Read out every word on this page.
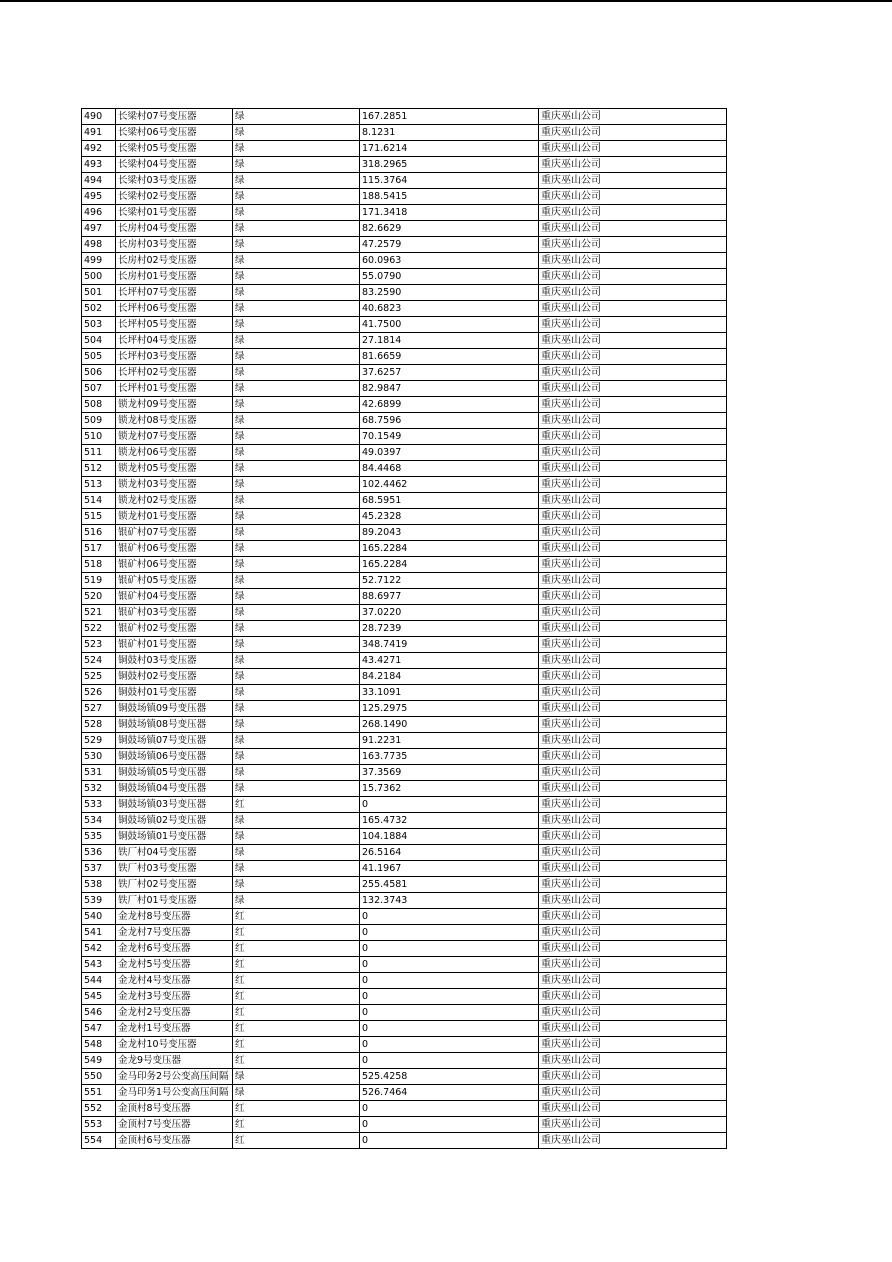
490	长梁村07号变压器	绿	167.2851	重庆巫山公司
491	长梁村06号变压器	绿	8.1231	重庆巫山公司
492	长梁村05号变压器	绿	171.6214	重庆巫山公司
493	长梁村04号变压器	绿	318.2965	重庆巫山公司
494	长梁村03号变压器	绿	115.3764	重庆巫山公司
495	长梁村02号变压器	绿	188.5415	重庆巫山公司
496	长梁村01号变压器	绿	171.3418	重庆巫山公司
497	长房村04号变压器	绿	82.6629	重庆巫山公司
498	长房村03号变压器	绿	47.2579	重庆巫山公司
499	长房村02号变压器	绿	60.0963	重庆巫山公司
500	长房村01号变压器	绿	55.0790	重庆巫山公司
501	长坪村07号变压器	绿	83.2590	重庆巫山公司
502	长坪村06号变压器	绿	40.6823	重庆巫山公司
503	长坪村05号变压器	绿	41.7500	重庆巫山公司
504	长坪村04号变压器	绿	27.1814	重庆巫山公司
505	长坪村03号变压器	绿	81.6659	重庆巫山公司
506	长坪村02号变压器	绿	37.6257	重庆巫山公司
507	长坪村01号变压器	绿	82.9847	重庆巫山公司
508	锁龙村09号变压器	绿	42.6899	重庆巫山公司
509	锁龙村08号变压器	绿	68.7596	重庆巫山公司
510	锁龙村07号变压器	绿	70.1549	重庆巫山公司
511	锁龙村06号变压器	绿	49.0397	重庆巫山公司
512	锁龙村05号变压器	绿	84.4468	重庆巫山公司
513	锁龙村03号变压器	绿	102.4462	重庆巫山公司
514	锁龙村02号变压器	绿	68.5951	重庆巫山公司
515	锁龙村01号变压器	绿	45.2328	重庆巫山公司
516	银矿村07号变压器	绿	89.2043	重庆巫山公司
517	银矿村06号变压器	绿	165.2284	重庆巫山公司
518	银矿村06号变压器	绿	165.2284	重庆巫山公司
519	银矿村05号变压器	绿	52.7122	重庆巫山公司
520	银矿村04号变压器	绿	88.6977	重庆巫山公司
521	银矿村03号变压器	绿	37.0220	重庆巫山公司
522	银矿村02号变压器	绿	28.7239	重庆巫山公司
523	银矿村01号变压器	绿	348.7419	重庆巫山公司
524	铜鼓村03号变压器	绿	43.4271	重庆巫山公司
525	铜鼓村02号变压器	绿	84.2184	重庆巫山公司
526	铜鼓村01号变压器	绿	33.1091	重庆巫山公司
527	铜鼓场镇09号变压器	绿	125.2975	重庆巫山公司
528	铜鼓场镇08号变压器	绿	268.1490	重庆巫山公司
529	铜鼓场镇07号变压器	绿	91.2231	重庆巫山公司
530	铜鼓场镇06号变压器	绿	163.7735	重庆巫山公司
531	铜鼓场镇05号变压器	绿	37.3569	重庆巫山公司
532	铜鼓场镇04号变压器	绿	15.7362	重庆巫山公司
533	铜鼓场镇03号变压器	红	0	重庆巫山公司
534	铜鼓场镇02号变压器	绿	165.4732	重庆巫山公司
535	铜鼓场镇01号变压器	绿	104.1884	重庆巫山公司
536	铁厂村04号变压器	绿	26.5164	重庆巫山公司
537	铁厂村03号变压器	绿	41.1967	重庆巫山公司
538	铁厂村02号变压器	绿	255.4581	重庆巫山公司
539	铁厂村01号变压器	绿	132.3743	重庆巫山公司
540	金龙村8号变压器	红	0	重庆巫山公司
541	金龙村7号变压器	红	0	重庆巫山公司
542	金龙村6号变压器	红	0	重庆巫山公司
543	金龙村5号变压器	红	0	重庆巫山公司
544	金龙村4号变压器	红	0	重庆巫山公司
545	金龙村3号变压器	红	0	重庆巫山公司
546	金龙村2号变压器	红	0	重庆巫山公司
547	金龙村1号变压器	红	0	重庆巫山公司
548	金龙村10号变压器	红	0	重庆巫山公司
549	金龙9号变压器	红	0	重庆巫山公司
550	金马印务2号公变高压间隔	绿	525.4258	重庆巫山公司
551	金马印务1号公变高压间隔	绿	526.7464	重庆巫山公司
552	金顶村8号变压器	红	0	重庆巫山公司
553	金顶村7号变压器	红	0	重庆巫山公司
554	金顶村6号变压器	红	0	重庆巫山公司
